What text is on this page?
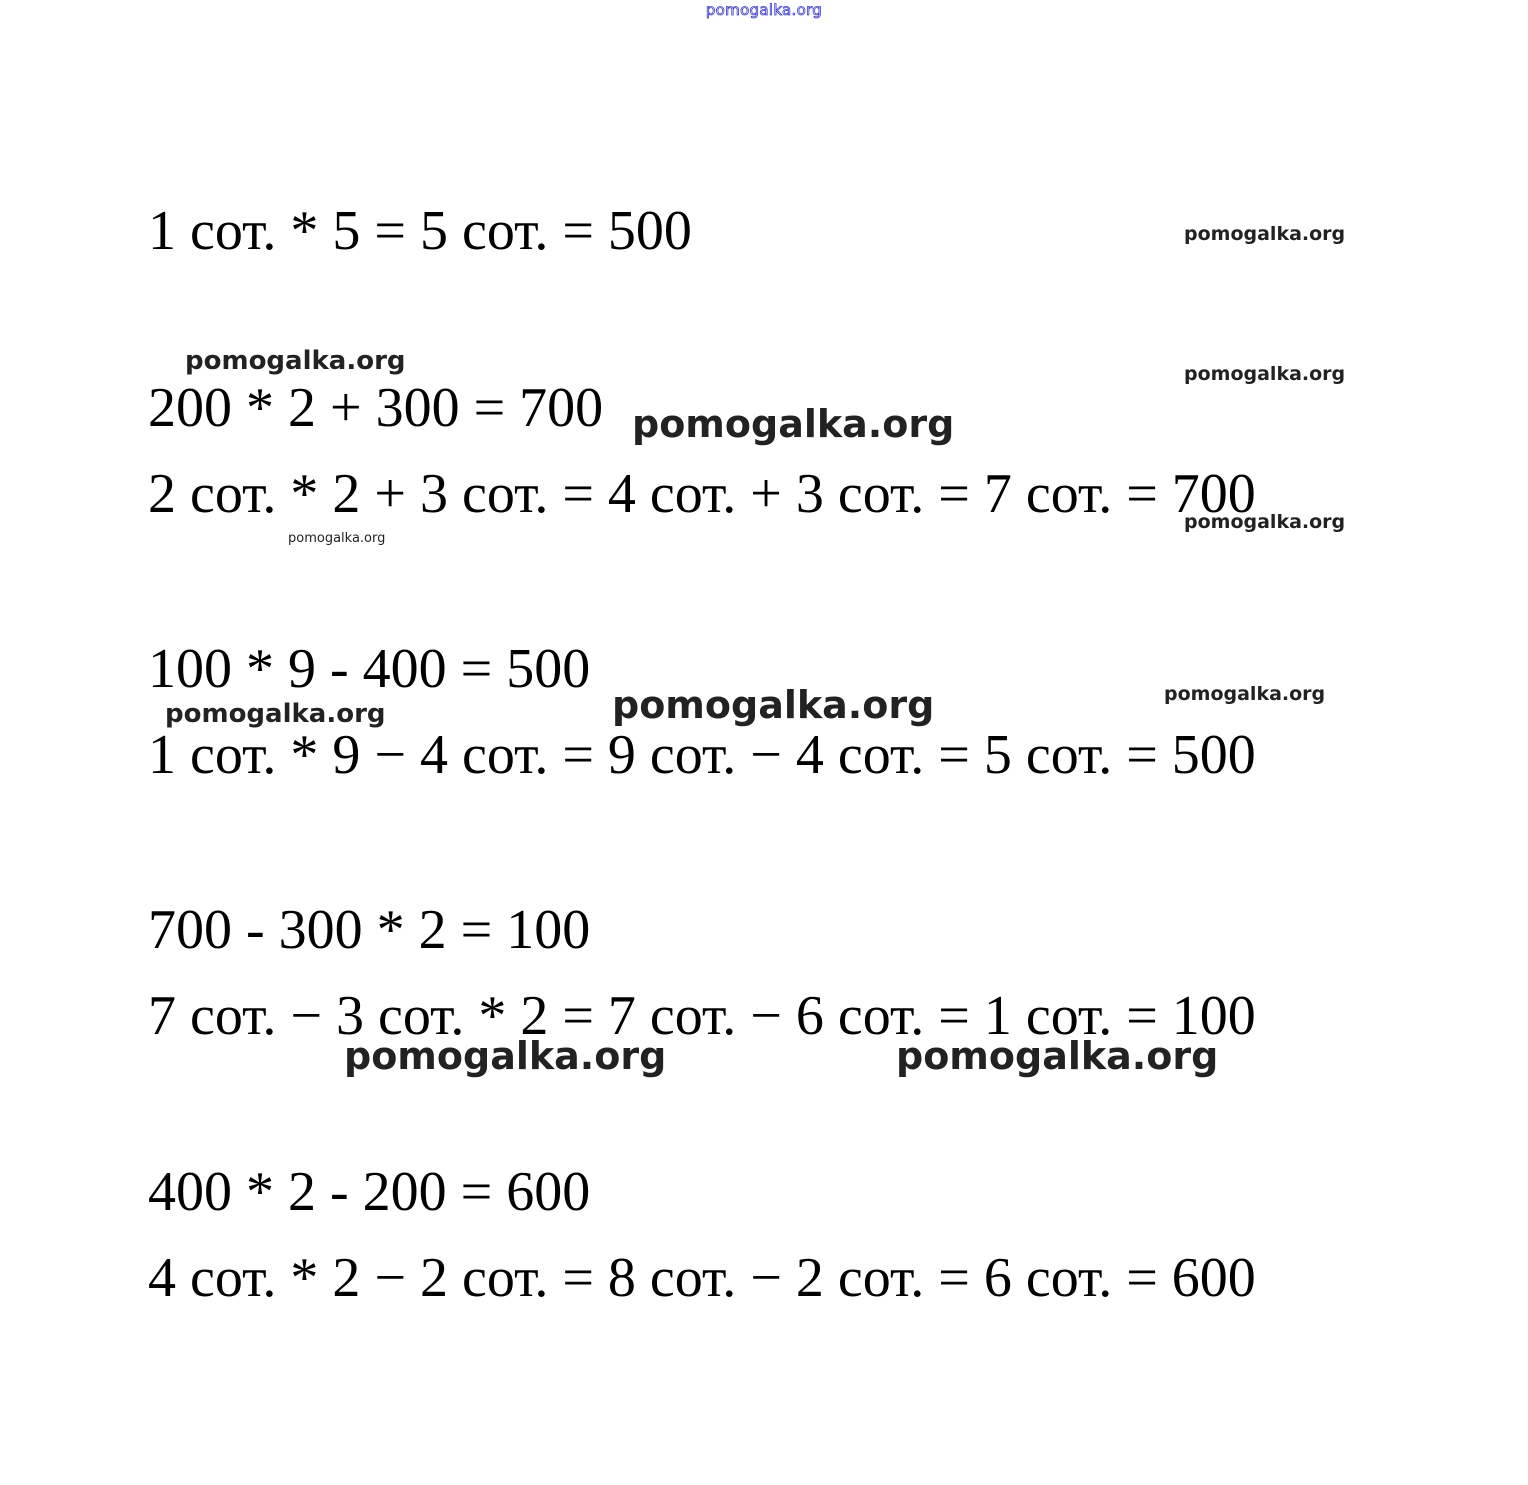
pomogalka.org
1 сот. * 5 = 5 сот. = 500
200 * 2 + 300 = 700
2 сот. * 2 + 3 сот. = 4 сот. + 3 сот. = 7 сот. = 700
100 * 9 - 400 = 500
1 сот. * 9 − 4 сот. = 9 сот. − 4 сот. = 5 сот. = 500
700 - 300 * 2 = 100
7 сот. − 3 сот. * 2 = 7 сот. − 6 сот. = 1 сот. = 100
400 * 2 - 200 = 600
4 сот. * 2 − 2 сот. = 8 сот. − 2 сот. = 6 сот. = 600
pomogalka.org
pomogalka.org	pomogalka.org
pomogalka.org
pomogalka.org
pomogalka.org
pomogalka.org	pomogalka.org
pomogalka.org
pomogalka.org	pomogalka.org
